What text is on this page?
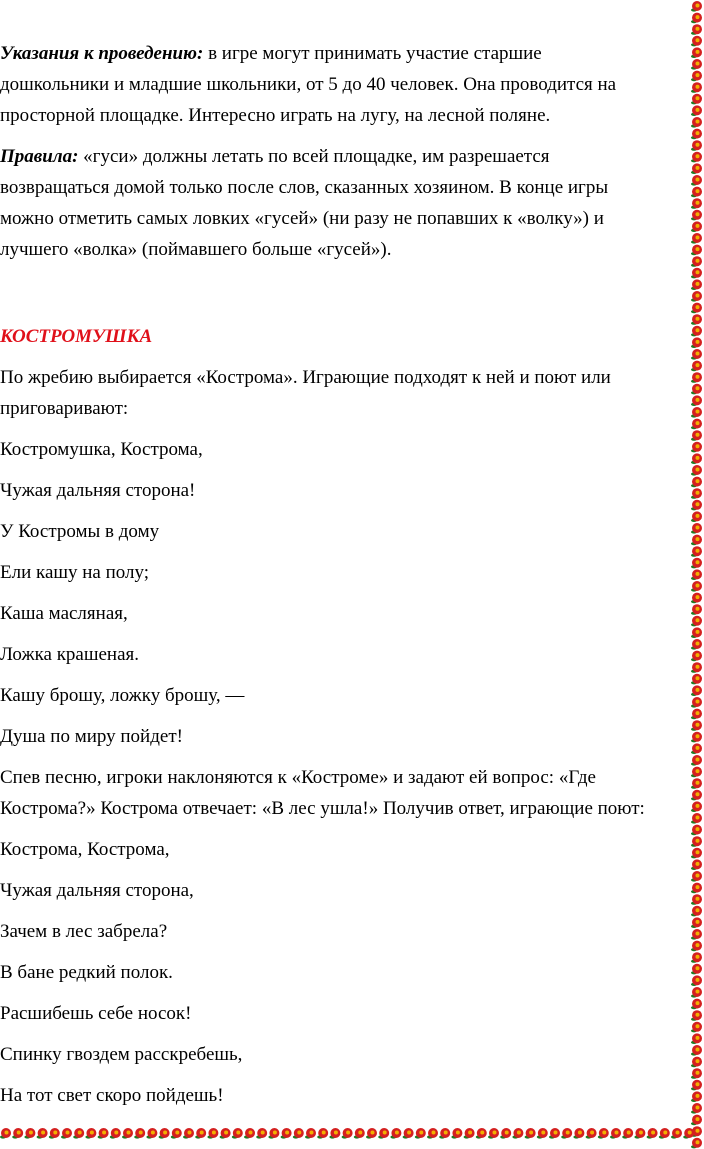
Указания к проведению: в игре могут принимать участие старшие

дошкольники и младшие школьники, от 5 до 40 человек. Она проводится на

просторной площадке. Интересно играть на лугу, на лесной поляне.

Правила: «гуси» должны летать по всей площадке, им разрешается

возвращаться домой только после слов, сказанных хозяином. В конце игры

можно отметить самых ловких «гусей» (ни разу не попавших к «волку») и

лучшего «волка» (поймавшего больше «гусей»).

КОСТРОМУШКА

По жребию выбирается «Кострома». Играющие подходят к ней и поют или

приговаривают:

Костромушка, Кострома,

Чужая дальняя сторона!

У Костромы в дому

Ели кашу на полу;

Каша масляная,

Ложка крашеная.

Кашу брошу, ложку брошу, —

Душа по миру пойдет!

Спев песню, игроки наклоняются к «Костроме» и задают ей вопрос: «Где

Кострома?» Кострома отвечает: «В лес ушла!» Получив ответ, играющие поют:

Кострома, Кострома,

Чужая дальняя сторона,

Зачем в лес забрела?

В бане редкий полок.

Расшибешь себе носок!

Спинку гвоздем расскребешь,

На тот свет скоро пойдешь!
